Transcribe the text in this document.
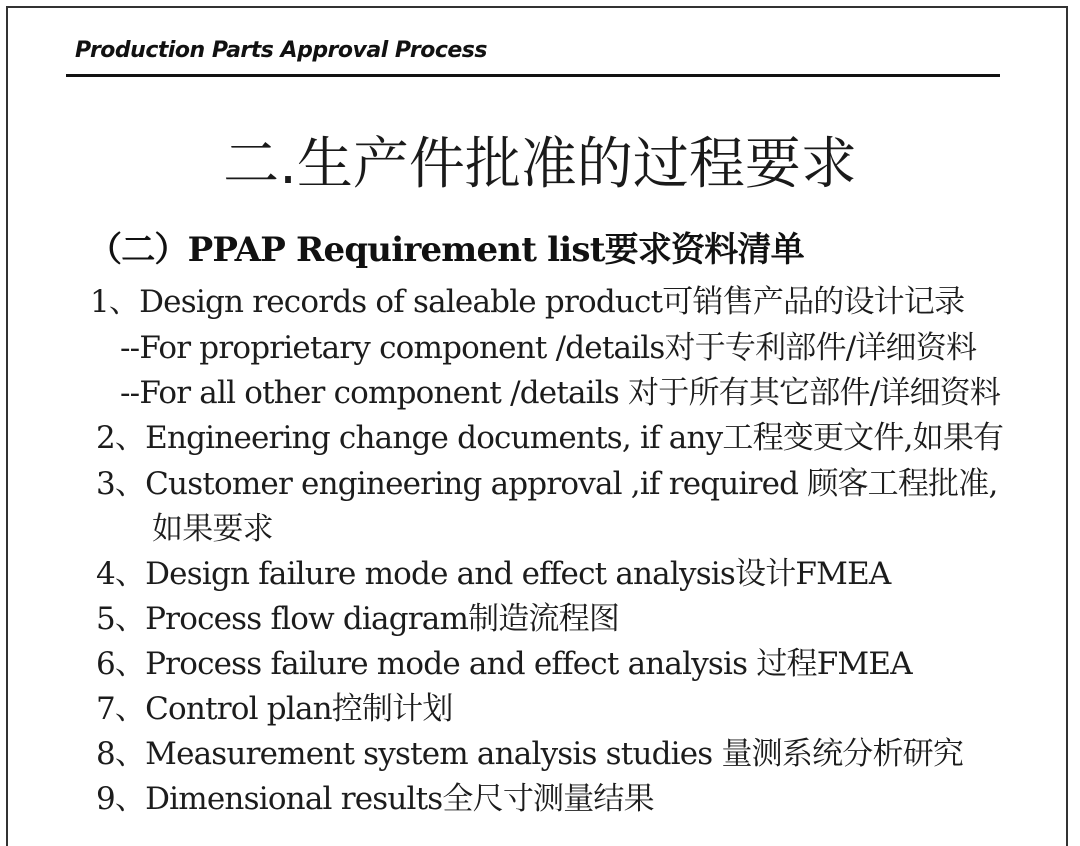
Production Parts Approval Process
二.生产件批准的过程要求
（二）PPAP Requirement list要求资料清单
1、Design records of saleable product可销售产品的设计记录
--For proprietary component /details对于专利部件/详细资料
--For all other component /details 对于所有其它部件/详细资料
2、Engineering change documents, if any工程变更文件,如果有
3、Customer engineering approval ,if required 顾客工程批准,
如果要求
4、Design failure mode and effect analysis设计FMEA
5、Process flow diagram制造流程图
6、Process failure mode and effect analysis 过程FMEA
7、Control plan控制计划
8、Measurement system analysis studies 量测系统分析研究
9、Dimensional results全尺寸测量结果
